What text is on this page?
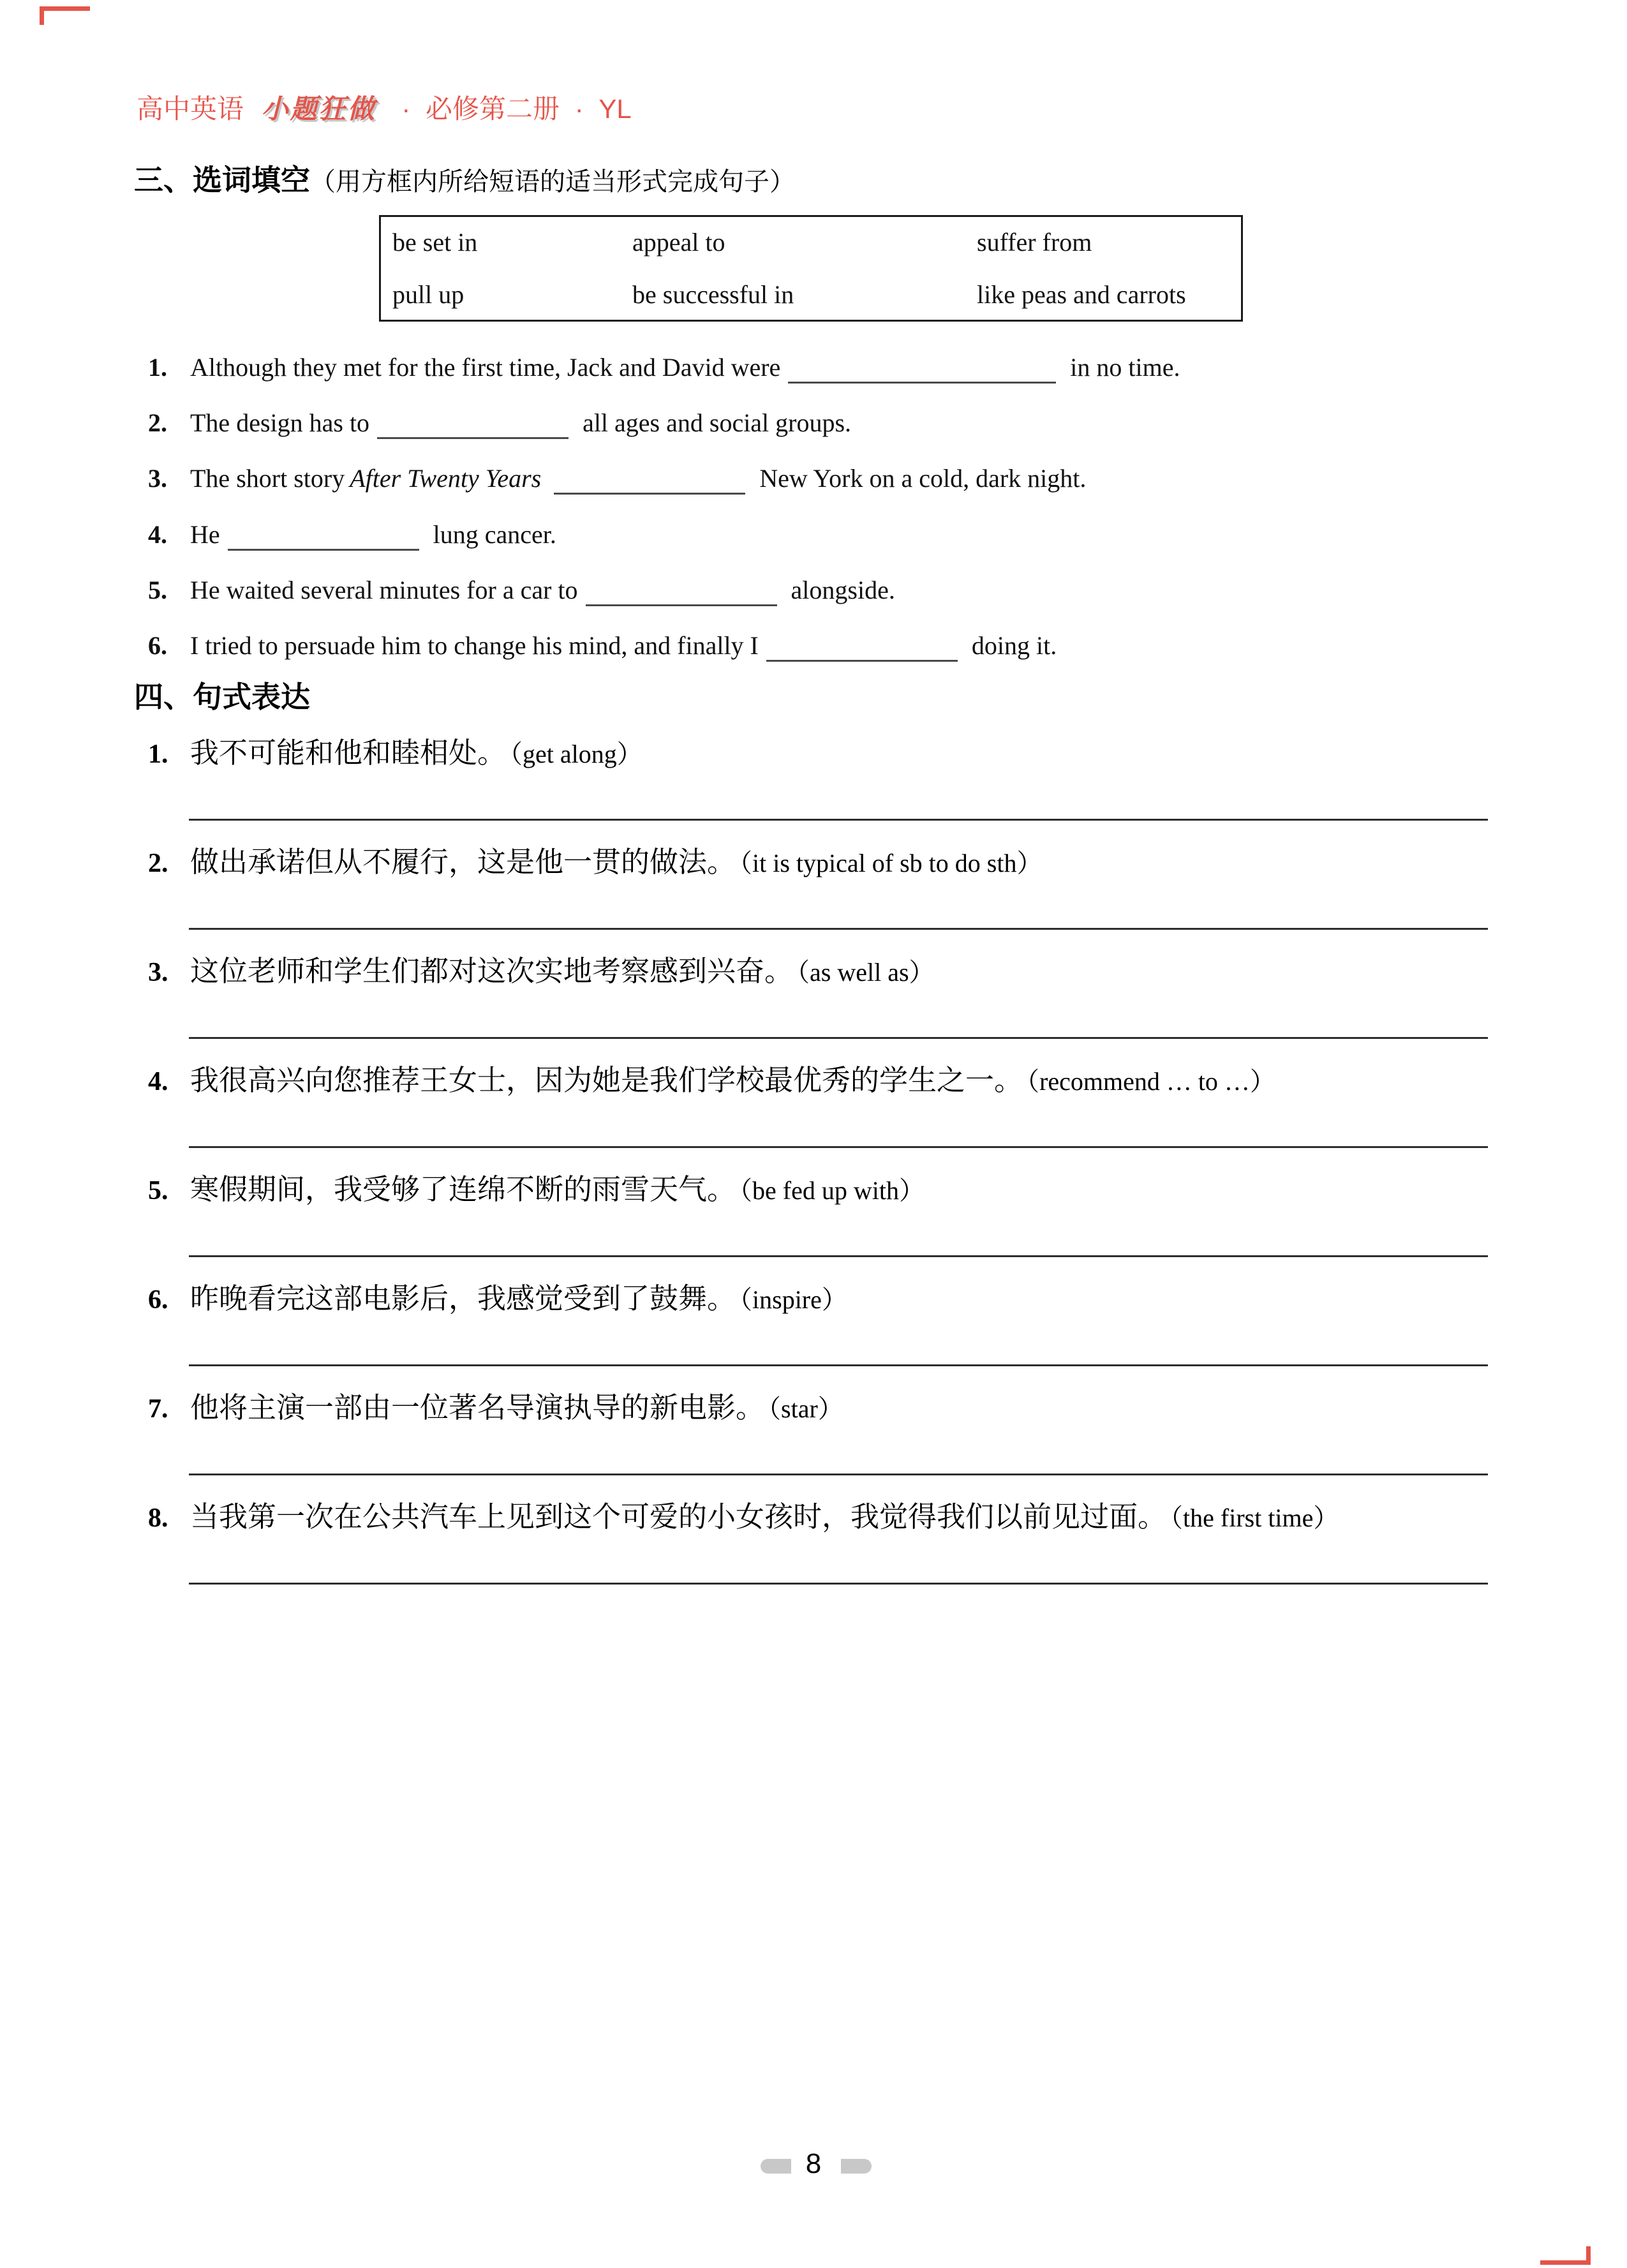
高中英语 小题狂做 · 必修第二册 · YL
三、选词填空（用方框内所给短语的适当形式完成句子）
be set in	appeal to	suffer from
pull up	be successful in	like peas and carrots
1. Although they met for the first time, Jack and David were	in no time.
2. The design has to	all ages and social groups.
3. The short story After Twenty Years	New York on a cold, dark night.
4. He	lung cancer.
5. He waited several minutes for a car to	alongside.
6. I tried to persuade him to change his mind, and finally I	doing it.
四、句式表达
1. 我不可能和他和睦相处。 （get along）
2. 做出承诺但从不履行，这是他一贯的做法。 （it is typical of sb to do sth）
3. 这位老师和学生们都对这次实地考察感到兴奋。 （as well as）
4. 我很高兴向您推荐王女士，因为她是我们学校最优秀的学生之一。 （recommend … to …）
5. 寒假期间，我受够了连绵不断的雨雪天气。 （be fed up with）
6. 昨晚看完这部电影后，我感觉受到了鼓舞。 （inspire）
7. 他将主演一部由一位著名导演执导的新电影。 （star）
8. 当我第一次在公共汽车上见到这个可爱的小女孩时，我觉得我们以前见过面。 （the first time）
8
